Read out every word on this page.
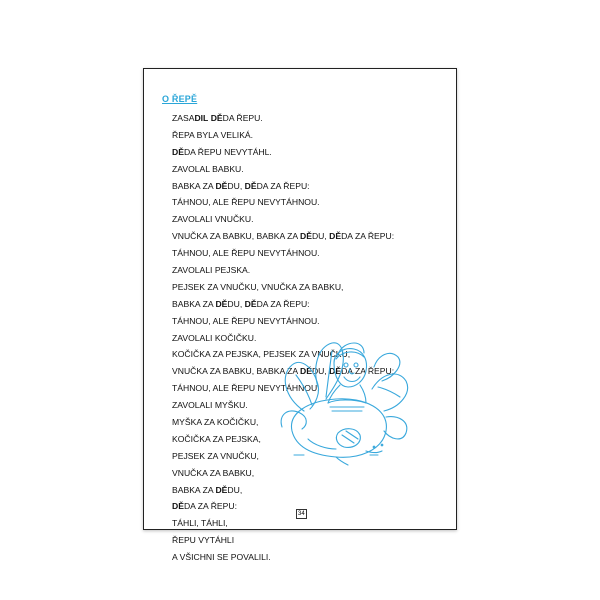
O ŘEPĚ
ZASADIL DĚDA ŘEPU.
ŘEPA BYLA VELIKÁ.
DĚDA ŘEPU NEVYTÁHL.
ZAVOLAL BABKU.
BABKA ZA DĚDU, DĚDA ZA ŘEPU:
TÁHNOU, ALE ŘEPU NEVYTÁHNOU.
ZAVOLALI VNUČKU.
VNUČKA ZA BABKU, BABKA ZA DĚDU, DĚDA ZA ŘEPU:
TÁHNOU, ALE ŘEPU NEVYTÁHNOU.
ZAVOLALI PEJSKA.
PEJSEK ZA VNUČKU, VNUČKA ZA BABKU,
BABKA ZA DĚDU, DĚDA ZA ŘEPU:
TÁHNOU, ALE ŘEPU NEVYTÁHNOU.
ZAVOLALI KOČIČKU.
KOČIČKA ZA PEJSKA, PEJSEK ZA VNUČKU,
VNUČKA ZA BABKU, BABKA ZA DĚDU, DĚDA ZA ŘEPU:
TÁHNOU, ALE ŘEPU NEVYTÁHNOU.
ZAVOLALI MYŠKU.
MYŠKA ZA KOČIČKU,
KOČIČKA ZA PEJSKA,
PEJSEK ZA VNUČKU,
VNUČKA ZA BABKU,
BABKA ZA DĚDU,
DĚDA ZA ŘEPU:
TÁHLI, TÁHLI,
ŘEPU VYTÁHLI
A VŠICHNI SE POVALILI.
34
